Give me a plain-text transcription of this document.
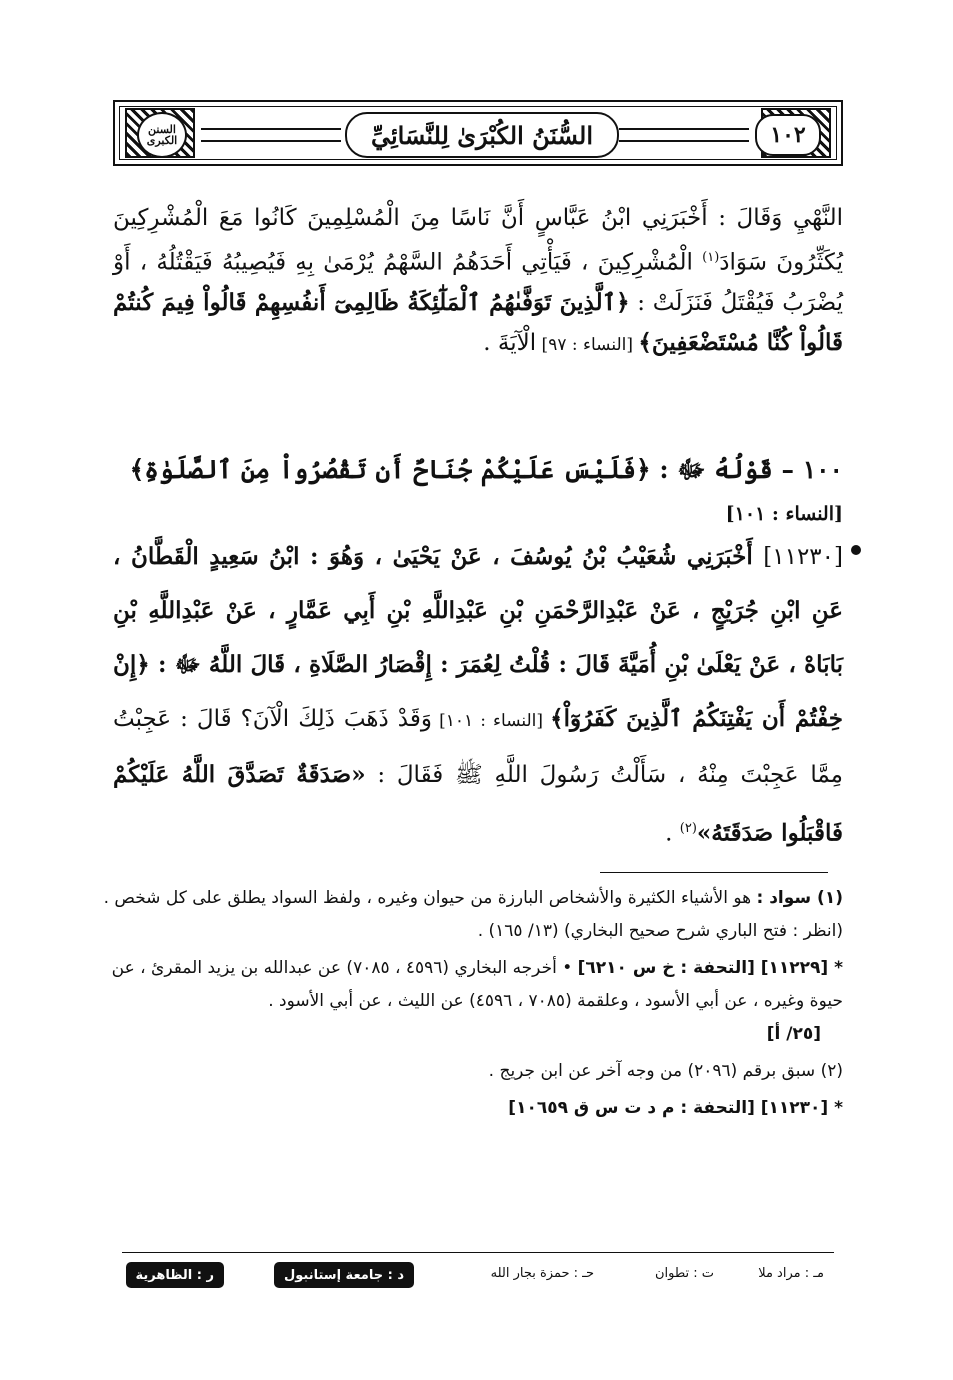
السنن الكبرى	السُّنَنُ الكُبْرَىٰ لِلنَّسَائِيِّ	١٠٢
النَّهْيِ وَقَالَ : أَخْبَرَنِي ابْنُ عَبَّاسٍ أَنَّ نَاسًا مِنَ الْمُسْلِمِينَ كَانُوا مَعَ الْمُشْرِكِينَ يُكَثِّرُونَ سَوَادَ$^{(١)}$ الْمُشْرِكِينَ ، فَيَأْتِي أَحَدَهُمُ السَّهْمُ يُرْمَىٰ بِهِ فَيُصِيبُهُ فَيَقْتُلُهُ ، أَوْ يُضْرَبُ فَيُقْتَلُ فَنَزَلَتْ : ﴿ٱلَّذِينَ تَوَفَّىٰهُمُ ٱلْمَلَٰٓئِكَةُ ظَالِمِىٓ أَنفُسِهِمْ قَالُواْ فِيمَ كُنتُمْ قَالُواْ كُنَّا مُسْتَضْعَفِينَ﴾ [النساء : ٩٧] الْآيَةَ .
١٠٠ – قَوْلُهُ ﷻ : ﴿فَلَيْسَ عَلَيْكُمْ جُنَاحٌ أَن تَقْصُرُواْ مِنَ ٱلصَّلَوٰةِ﴾ [النساء : ١٠١]
[١١٢٣٠] أَخْبَرَنِي شُعَيْبُ بْنُ يُوسُفَ ، عَنْ يَحْيَىٰ ، وَهُوَ : ابْنُ سَعِيدٍ الْقَطَّانُ ، عَنِ ابْنِ جُرَيْجٍ ، عَنْ عَبْدِالرَّحْمَنِ بْنِ عَبْدِاللَّهِ بْنِ أَبِي عَمَّارٍ ، عَنْ عَبْدِاللَّهِ بْنِ بَابَاهْ ، عَنْ يَعْلَىٰ بْنِ أُمَيَّةَ قَالَ : قُلْتُ لِعُمَرَ : إِقْصَارُ الصَّلَاةِ ، قَالَ اللَّهُ ﷻ : ﴿إِنْ خِفْتُمْ أَن يَفْتِنَكُمُ ٱلَّذِينَ كَفَرُوٓاْ﴾ [النساء : ١٠١] وَقَدْ ذَهَبَ ذَلِكَ الْآنَ؟ قَالَ : عَجِبْتُ مِمَّا عَجِبْتَ مِنْهُ ، سَأَلْتُ رَسُولَ اللَّهِ ﷺ فَقَالَ : «صَدَقَةٌ تَصَدَّقَ اللَّهُ عَلَيْكُمْ فَاقْبَلُوا صَدَقَتَهُ»$^{(٢)}$ .

(١) سواد : هو الأشياء الكثيرة والأشخاص البارزة من حيوان وغيره ، ولفظ السواد يطلق على كل شخص . (انظر : فتح الباري شرح صحيح البخاري) (١٣/ ١٦٥) .

* [١١٢٢٩] [التحفة : خ س ٦٢١٠] • أخرجه البخاري (٤٥٩٦ ، ٧٠٨٥) عن عبدالله بن يزيد المقرئ ، عن حيوة وغيره ، عن أبي الأسود ، وعلقمة (٧٠٨٥ ، ٤٥٩٦) عن الليث ، عن أبي الأسود .

[٢٥/ أ]

(٢) سبق برقم (٢٠٩٦) من وجه آخر عن ابن جريج .

* [١١٢٣٠] [التحفة : م د ت س ق ١٠٦٥٩]

مـ : مراد ملا
ت : تطوان
حـ : حمزة بجار الله
د : جامعة إستانبول
ر : الظاهرية
